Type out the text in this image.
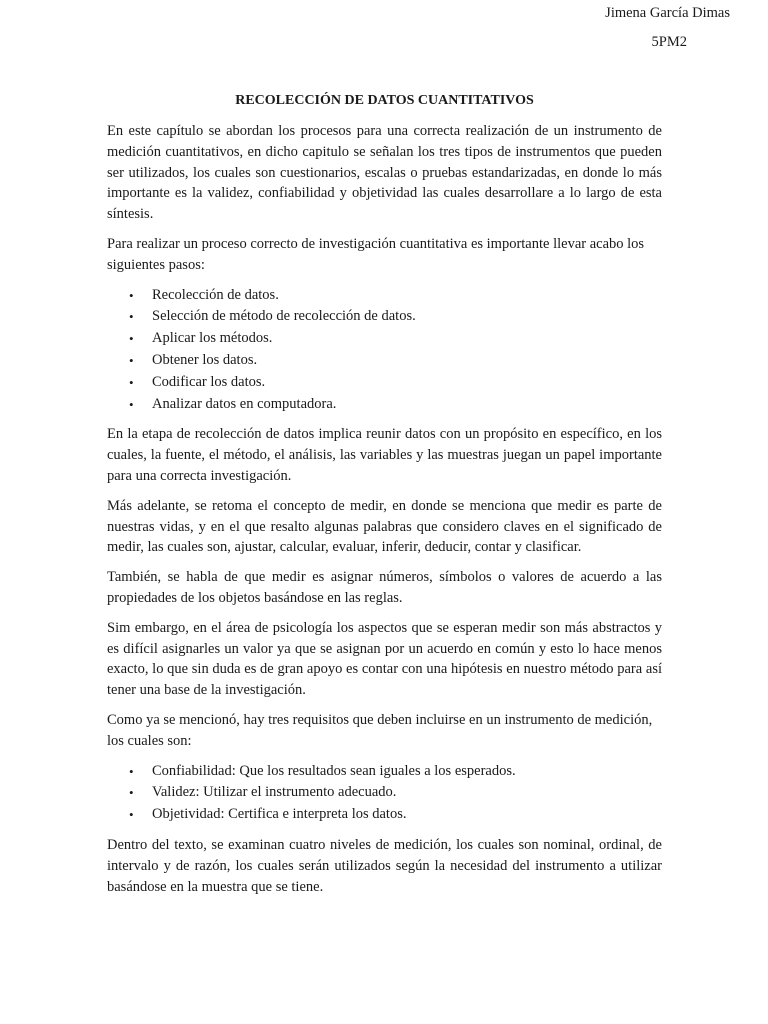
Jimena García Dimas
5PM2
RECOLECCIÓN DE DATOS CUANTITATIVOS

En este capítulo se abordan los procesos para una correcta realización de un instrumento de medición cuantitativos, en dicho capitulo se señalan los tres tipos de instrumentos que pueden ser utilizados, los cuales son cuestionarios, escalas o pruebas estandarizadas, en donde lo más importante es la validez, confiabilidad y objetividad las cuales desarrollare a lo largo de esta síntesis.

Para realizar un proceso correcto de investigación cuantitativa es importante llevar acabo los siguientes pasos:

• Recolección de datos.
• Selección de método de recolección de datos.
• Aplicar los métodos.
• Obtener los datos.
• Codificar los datos.
• Analizar datos en computadora.

En la etapa de recolección de datos implica reunir datos con un propósito en específico, en los cuales, la fuente, el método, el análisis, las variables y las muestras juegan un papel importante para una correcta investigación.

Más adelante, se retoma el concepto de medir, en donde se menciona que medir es parte de nuestras vidas, y en el que resalto algunas palabras que considero claves en el significado de medir, las cuales son, ajustar, calcular, evaluar, inferir, deducir, contar y clasificar.

También, se habla de que medir es asignar números, símbolos o valores de acuerdo a las propiedades de los objetos basándose en las reglas.

Sim embargo, en el área de psicología los aspectos que se esperan medir son más abstractos y es difícil asignarles un valor ya que se asignan por un acuerdo en común y esto lo hace menos exacto, lo que sin duda es de gran apoyo es contar con una hipótesis en nuestro método para así tener una base de la investigación.

Como ya se mencionó, hay tres requisitos que deben incluirse en un instrumento de medición, los cuales son:

• Confiabilidad: Que los resultados sean iguales a los esperados.
• Validez: Utilizar el instrumento adecuado.
• Objetividad: Certifica e interpreta los datos.

Dentro del texto, se examinan cuatro niveles de medición, los cuales son nominal, ordinal, de intervalo y de razón, los cuales serán utilizados según la necesidad del instrumento a utilizar basándose en la muestra que se tiene.
